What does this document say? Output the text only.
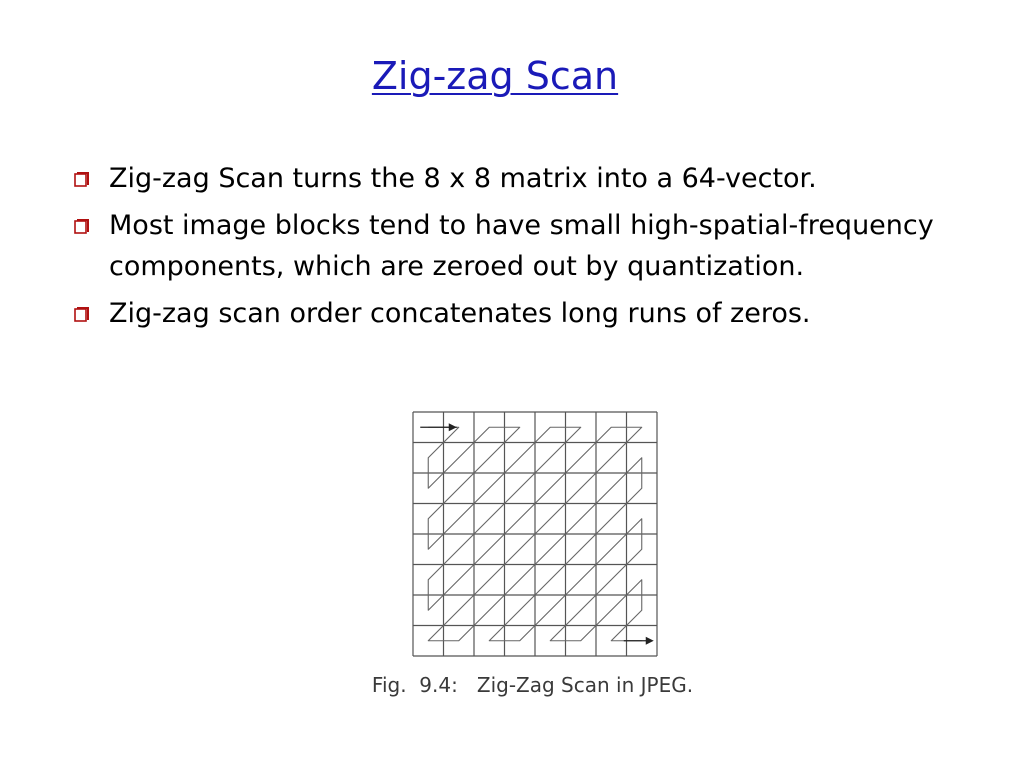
Zig-zag Scan
Zig-zag Scan turns the 8 x 8 matrix into a 64-vector.
Most image blocks tend to have small high-spatial-frequency components, which are zeroed out by quantization.
Zig-zag scan order concatenates long runs of zeros.
Fig.  9.4:   Zig-Zag Scan in JPEG.
